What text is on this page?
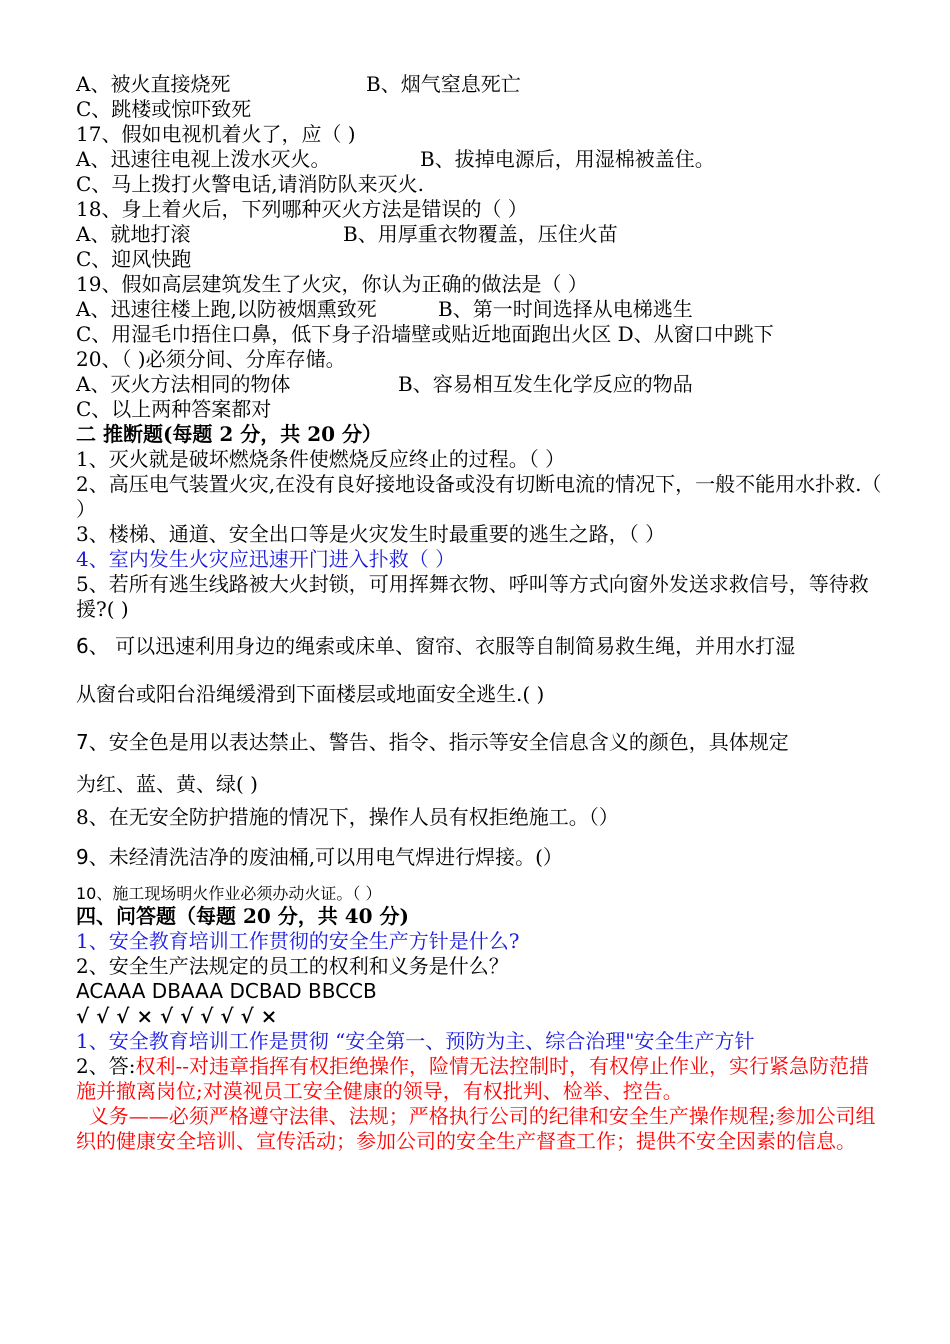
A、被火直接烧死	B、烟气窒息死亡
C、跳楼或惊吓致死
17、假如电视机着火了，应（ )
A、迅速往电视上泼水灭火。	B、拔掉电源后，用湿棉被盖住。
C、马上拨打火警电话,请消防队来灭火.
18、身上着火后，下列哪种灭火方法是错误的（ ）
A、就地打滚	B、用厚重衣物覆盖，压住火苗
C、迎风快跑
19、假如高层建筑发生了火灾，你认为正确的做法是（ ）
A、迅速往楼上跑,以防被烟熏致死	B、第一时间选择从电梯逃生
C、用湿毛巾捂住口鼻，低下身子沿墙壁或贴近地面跑出火区 D、从窗口中跳下
20、（ )必须分间、分库存储。
A、灭火方法相同的物体	B、容易相互发生化学反应的物品
C、以上两种答案都对
二 推断题(每题 2 分，共 20 分）
1、灭火就是破坏燃烧条件使燃烧反应终止的过程。（ ）
2、高压电气装置火灾,在没有良好接地设备或没有切断电流的情况下，一般不能用水扑救.（ ）
3、楼梯、通道、安全出口等是火灾发生时最重要的逃生之路，（ ）
4、室内发生火灾应迅速开门进入扑救（ ）
5、若所有逃生线路被大火封锁，可用挥舞衣物、呼叫等方式向窗外发送求救信号，等待救援?( )
6、 可以迅速利用身边的绳索或床单、窗帘、衣服等自制简易救生绳，并用水打湿
从窗台或阳台沿绳缓滑到下面楼层或地面安全逃生.( )
7、安全色是用以表达禁止、警告、指令、指示等安全信息含义的颜色，具体规定
为红、蓝、黄、绿( )
8、在无安全防护措施的情况下，操作人员有权拒绝施工。（）
9、未经清洗洁净的废油桶,可以用电气焊进行焊接。(）
10、施工现场明火作业必须办动火证。（ ）
四、问答题（每题 20 分，共 40 分)
1、安全教育培训工作贯彻的安全生产方针是什么?
2、安全生产法规定的员工的权利和义务是什么？
ACAAA DBAAA DCBAD BBCCB
√ √ √ × √ √ √ √ √ ×
1、安全教育培训工作是贯彻 “安全第一、预防为主、综合治理"安全生产方针
2、答:权利--对违章指挥有权拒绝操作，险情无法控制时，有权停止作业，实行紧急防范措施并撤离岗位;对漠视员工安全健康的领导，有权批判、检举、控告。
义务——必须严格遵守法律、法规；严格执行公司的纪律和安全生产操作规程;参加公司组织的健康安全培训、宣传活动；参加公司的安全生产督查工作；提供不安全因素的信息。
